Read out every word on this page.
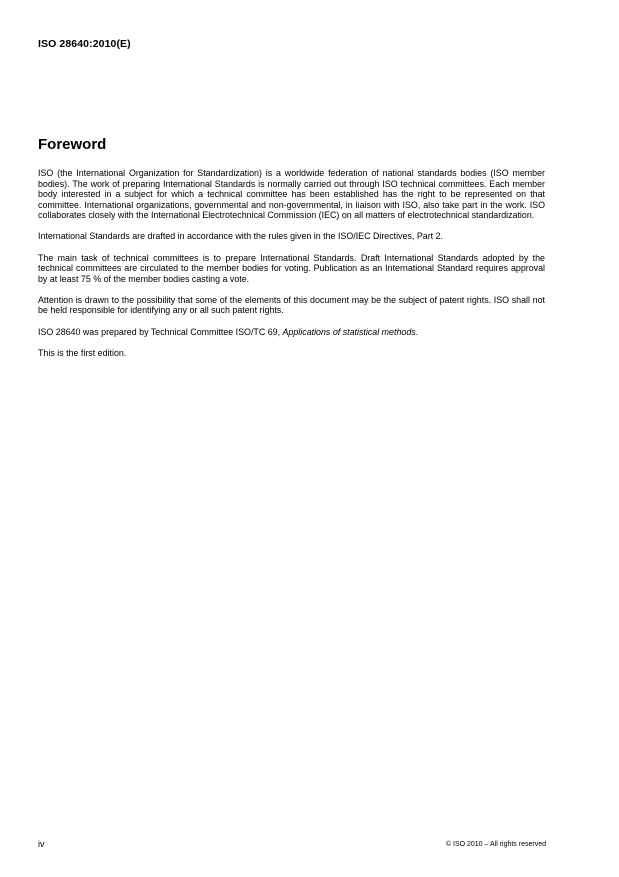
ISO 28640:2010(E)
Foreword

ISO (the International Organization for Standardization) is a worldwide federation of national standards bodies (ISO member bodies). The work of preparing International Standards is normally carried out through ISO technical committees. Each member body interested in a subject for which a technical committee has been established has the right to be represented on that committee. International organizations, governmental and non-governmental, in liaison with ISO, also take part in the work. ISO collaborates closely with the International Electrotechnical Commission (IEC) on all matters of electrotechnical standardization.

International Standards are drafted in accordance with the rules given in the ISO/IEC Directives, Part 2.

The main task of technical committees is to prepare International Standards. Draft International Standards adopted by the technical committees are circulated to the member bodies for voting. Publication as an International Standard requires approval by at least 75 % of the member bodies casting a vote.

Attention is drawn to the possibility that some of the elements of this document may be the subject of patent rights. ISO shall not be held responsible for identifying any or all such patent rights.

ISO 28640 was prepared by Technical Committee ISO/TC 69, Applications of statistical methods.

This is the first edition.

iv	© ISO 2010 – All rights reserved
